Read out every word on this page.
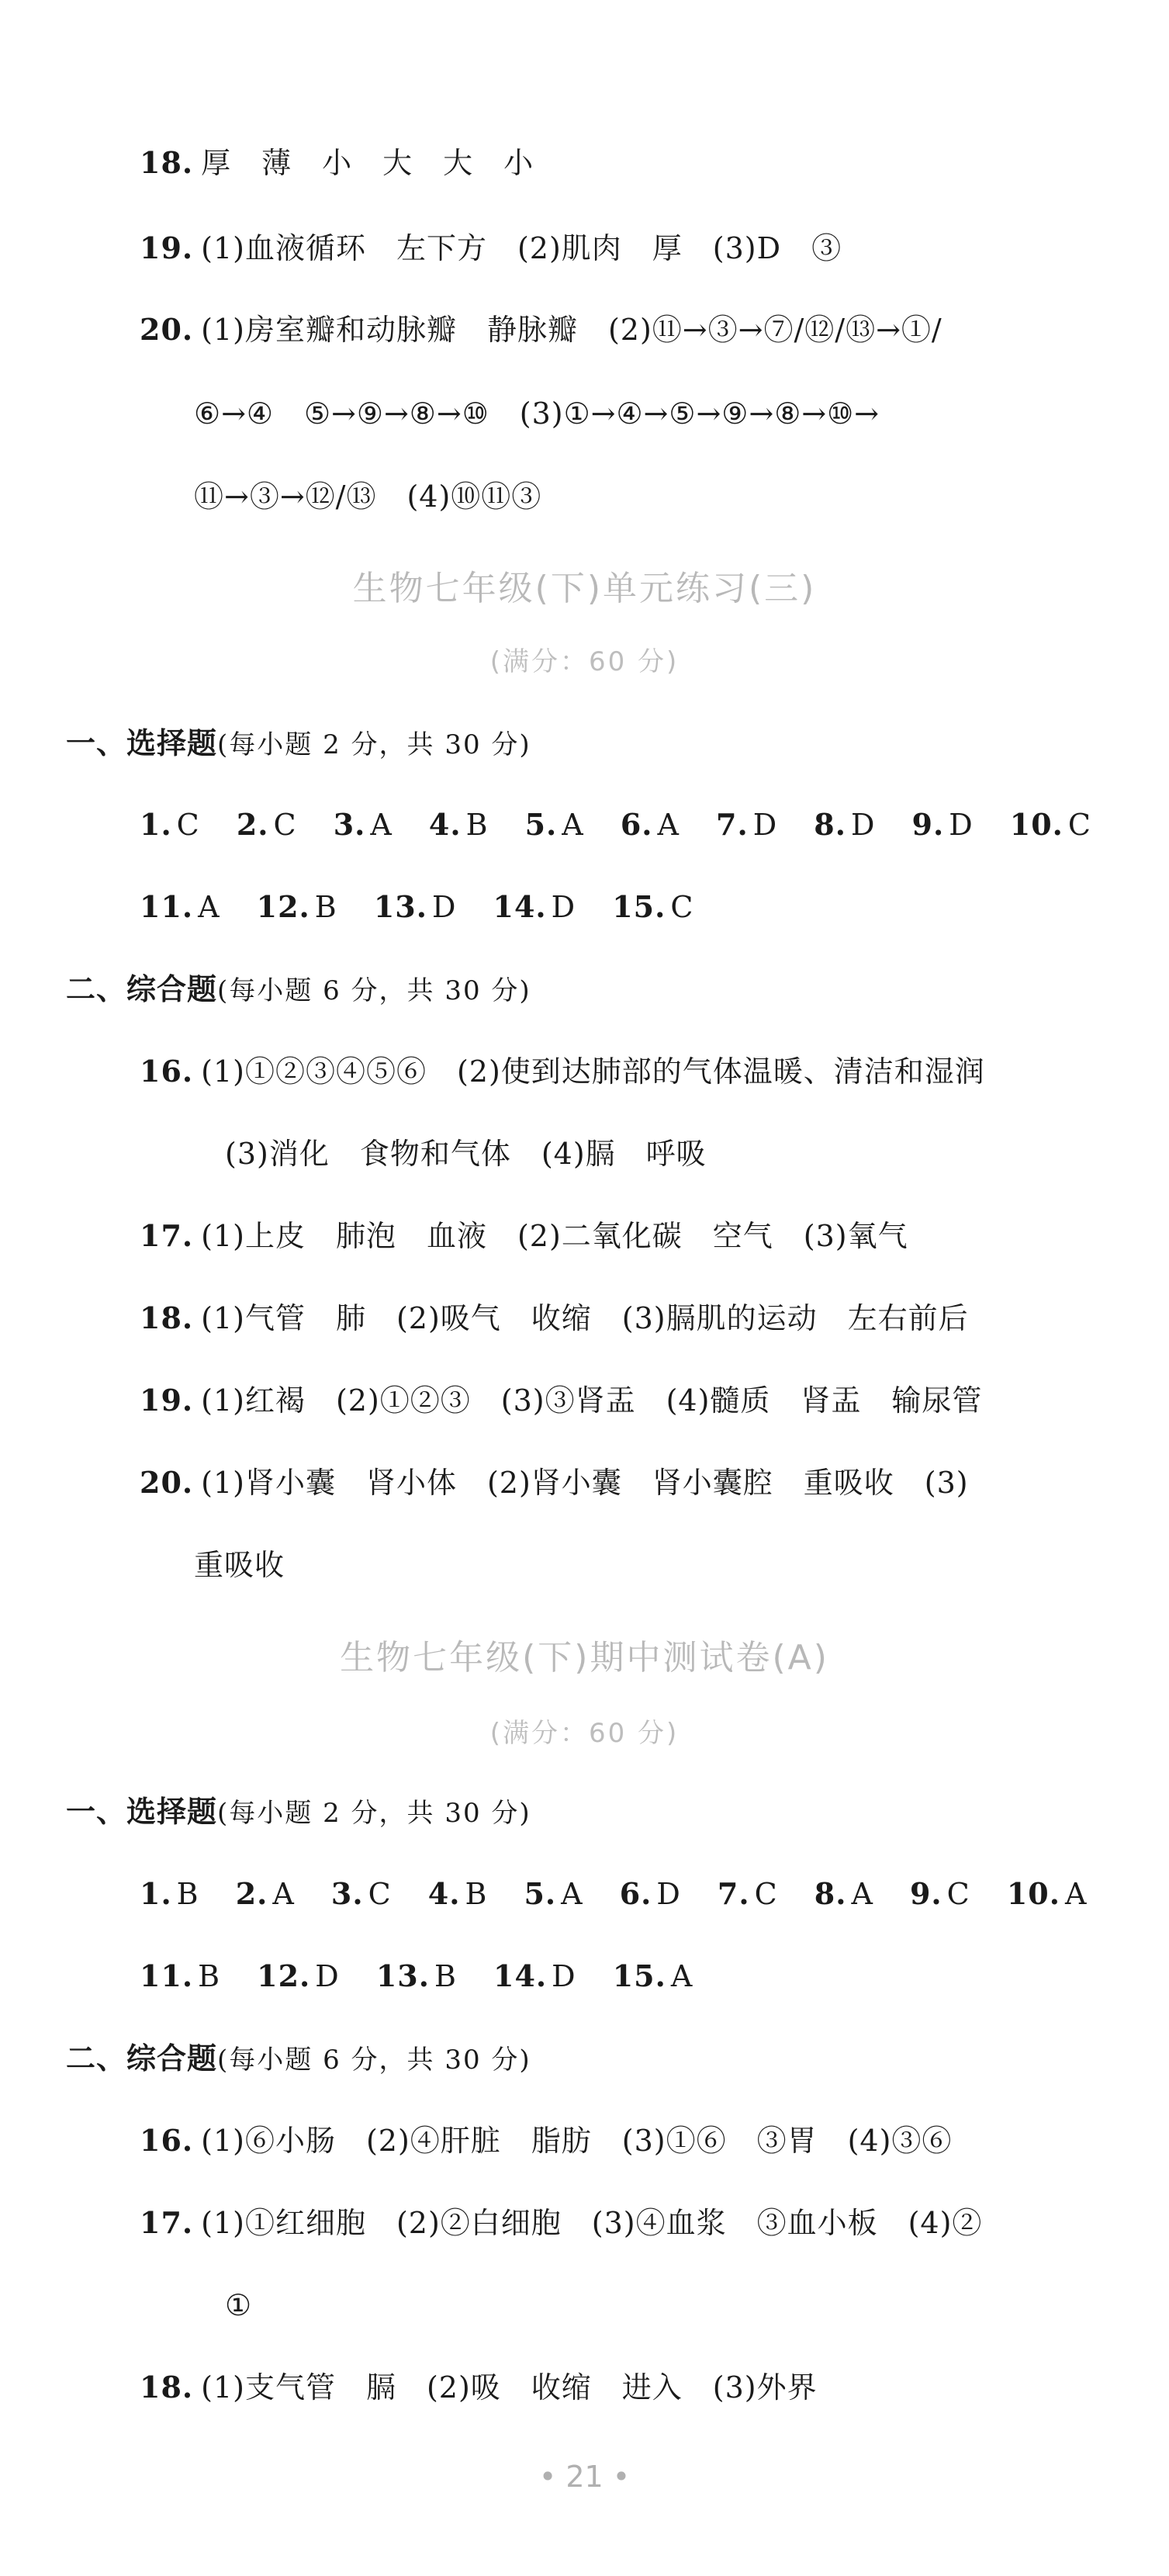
18. 厚　薄　小　大　大　小
19. (1)血液循环　左下方　(2)肌肉　厚　(3)D　③
20. (1)房室瓣和动脉瓣　静脉瓣　(2)⑪→③→⑦/⑫/⑬→①/
⑥→④　⑤→⑨→⑧→⑩　(3)①→④→⑤→⑨→⑧→⑩→
⑪→③→⑫/⑬　(4)⑩⑪③
生物七年级(下)单元练习(三)
(满分：60 分)
一、选择题(每小题 2 分，共 30 分)
1. C 2. C 3. A 4. B 5. A 6. A 7. D 8. D 9. D 10. C
11. A 12. B 13. D 14. D 15. C
二、综合题(每小题 6 分，共 30 分)
16. (1)①②③④⑤⑥　(2)使到达肺部的气体温暖、清洁和湿润
(3)消化　食物和气体　(4)膈　呼吸
17. (1)上皮　肺泡　血液　(2)二氧化碳　空气　(3)氧气
18. (1)气管　肺　(2)吸气　收缩　(3)膈肌的运动　左右前后
19. (1)红褐　(2)①②③　(3)③肾盂　(4)髓质　肾盂　输尿管
20. (1)肾小囊　肾小体　(2)肾小囊　肾小囊腔　重吸收　(3)
重吸收
生物七年级(下)期中测试卷(A)
(满分：60 分)
一、选择题(每小题 2 分，共 30 分)
1. B 2. A 3. C 4. B 5. A 6. D 7. C 8. A 9. C 10. A
11. B 12. D 13. B 14. D 15. A
二、综合题(每小题 6 分，共 30 分)
16. (1)⑥小肠　(2)④肝脏　脂肪　(3)①⑥　③胃　(4)③⑥
17. (1)①红细胞　(2)②白细胞　(3)④血浆　③血小板　(4)②
①
18. (1)支气管　膈　(2)吸　收缩　进入　(3)外界
• 21 •
